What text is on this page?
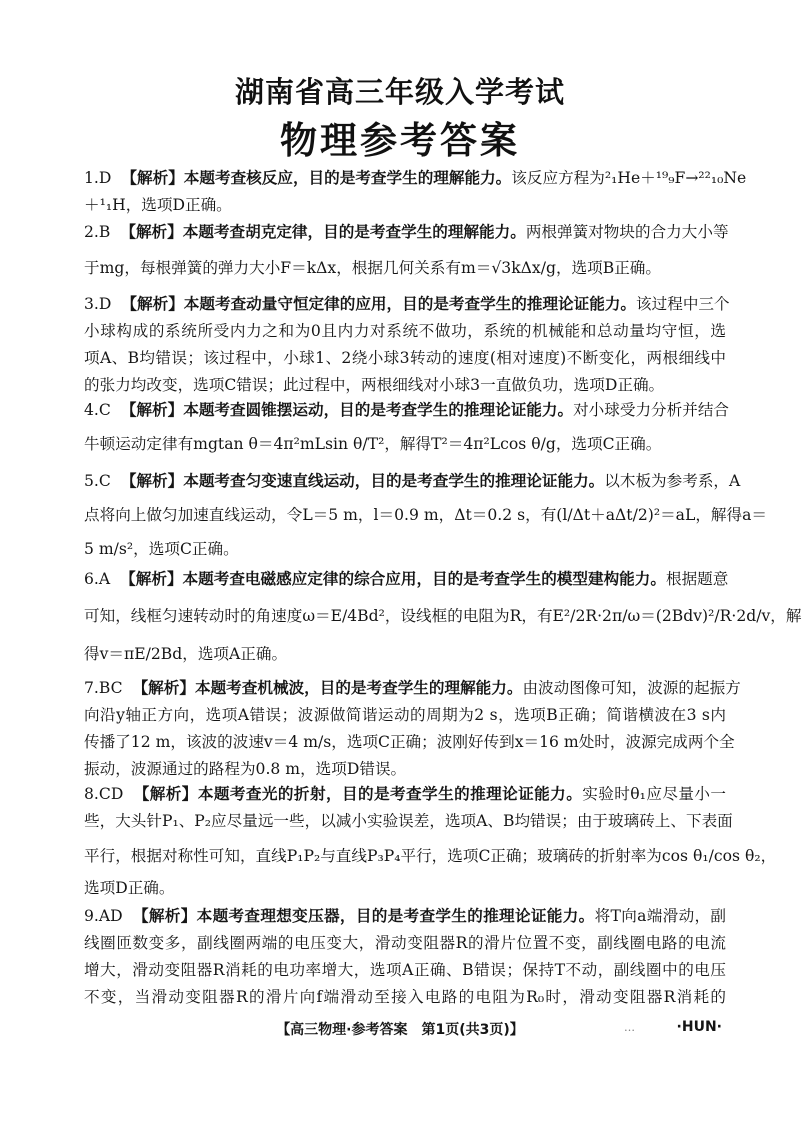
湖南省高三年级入学考试
物理参考答案
1.D 【解析】本题考查核反应，目的是考查学生的理解能力。该反应方程为²₁He＋¹⁹₉F→²²₁₀Ne
＋¹₁H，选项D正确。
2.B 【解析】本题考查胡克定律，目的是考查学生的理解能力。两根弹簧对物块的合力大小等
于mg，每根弹簧的弹力大小F＝kΔx，根据几何关系有m＝√3kΔx/g，选项B正确。
3.D 【解析】本题考查动量守恒定律的应用，目的是考查学生的推理论证能力。该过程中三个
小球构成的系统所受内力之和为0且内力对系统不做功，系统的机械能和总动量均守恒，选
项A、B均错误；该过程中，小球1、2绕小球3转动的速度(相对速度)不断变化，两根细线中
的张力均改变，选项C错误；此过程中，两根细线对小球3一直做负功，选项D正确。
4.C 【解析】本题考查圆锥摆运动，目的是考查学生的推理论证能力。对小球受力分析并结合
牛顿运动定律有mgtan θ＝4π²mLsin θ/T²，解得T²＝4π²Lcos θ/g，选项C正确。
5.C 【解析】本题考查匀变速直线运动，目的是考查学生的推理论证能力。以木板为参考系，A
点将向上做匀加速直线运动，令L＝5 m，l＝0.9 m，Δt＝0.2 s，有(l/Δt＋aΔt/2)²＝aL，解得a＝
5 m/s²，选项C正确。
6.A 【解析】本题考查电磁感应定律的综合应用，目的是考查学生的模型建构能力。根据题意
可知，线框匀速转动时的角速度ω＝E/4Bd²，设线框的电阻为R，有E²/2R·2π/ω＝(2Bdv)²/R·2d/v，解
得v＝πE/2Bd，选项A正确。
7.BC 【解析】本题考查机械波，目的是考查学生的理解能力。由波动图像可知，波源的起振方
向沿y轴正方向，选项A错误；波源做简谐运动的周期为2 s，选项B正确；简谐横波在3 s内
传播了12 m，该波的波速v＝4 m/s，选项C正确；波刚好传到x＝16 m处时，波源完成两个全
振动，波源通过的路程为0.8 m，选项D错误。
8.CD 【解析】本题考查光的折射，目的是考查学生的推理论证能力。实验时θ₁应尽量小一
些，大头针P₁、P₂应尽量远一些，以减小实验误差，选项A、B均错误；由于玻璃砖上、下表面
平行，根据对称性可知，直线P₁P₂与直线P₃P₄平行，选项C正确；玻璃砖的折射率为cos θ₁/cos θ₂，
选项D正确。
9.AD 【解析】本题考查理想变压器，目的是考查学生的推理论证能力。将T向a端滑动，副
线圈匝数变多，副线圈两端的电压变大，滑动变阻器R的滑片位置不变，副线圈电路的电流
增大，滑动变阻器R消耗的电功率增大，选项A正确、B错误；保持T不动，副线圈中的电压
不变，当滑动变阻器R的滑片向f端滑动至接入电路的电阻为R₀时，滑动变阻器R消耗的
【高三物理·参考答案　第1页(共3页)】	…	·HUN·
